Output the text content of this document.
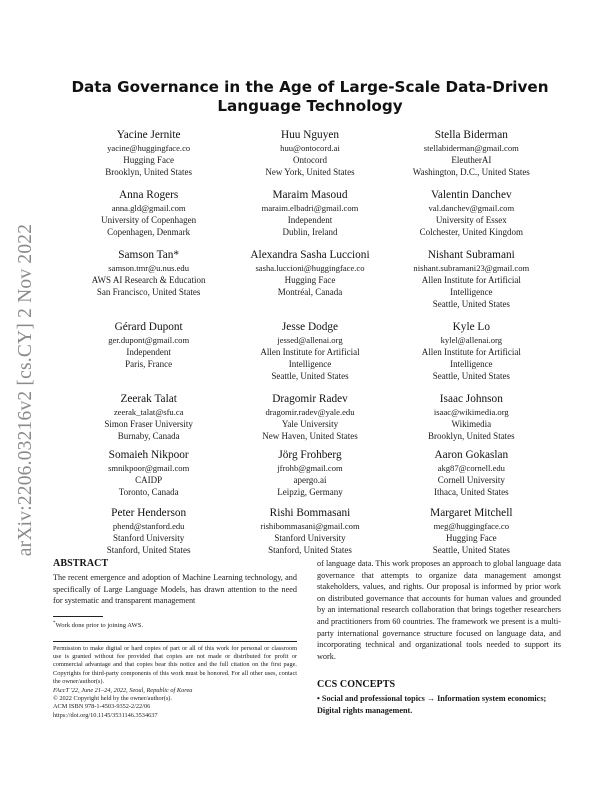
arXiv:2206.03216v2 [cs.CY] 2 Nov 2022
Data Governance in the Age of Large-Scale Data-Driven
Language Technology
Yacine Jernite
yacine@huggingface.co
Hugging Face
Brooklyn, United States
Huu Nguyen
huu@ontocord.ai
Ontocord
New York, United States
Stella Biderman
stellabiderman@gmail.com
EleutherAI
Washington, D.C., United States
Anna Rogers
anna.gld@gmail.com
University of Copenhagen
Copenhagen, Denmark
Maraim Masoud
maraim.elbadri@gmail.com
Independent
Dublin, Ireland
Valentin Danchev
val.danchev@gmail.com
University of Essex
Colchester, United Kingdom
Samson Tan*
samson.tmr@u.nus.edu
AWS AI Research & Education
San Francisco, United States
Alexandra Sasha Luccioni
sasha.luccioni@huggingface.co
Hugging Face
Montréal, Canada
Nishant Subramani
nishant.subramani23@gmail.com
Allen Institute for Artificial
Intelligence
Seattle, United States
Gérard Dupont
ger.dupont@gmail.com
Independent
Paris, France
Jesse Dodge
jessed@allenai.org
Allen Institute for Artificial
Intelligence
Seattle, United States
Kyle Lo
kylel@allenai.org
Allen Institute for Artificial
Intelligence
Seattle, United States
Zeerak Talat
zeerak_talat@sfu.ca
Simon Fraser University
Burnaby, Canada
Dragomir Radev
dragomir.radev@yale.edu
Yale University
New Haven, United States
Isaac Johnson
isaac@wikimedia.org
Wikimedia
Brooklyn, United States
Somaieh Nikpoor
smnikpoor@gmail.com
CAIDP
Toronto, Canada
Jörg Frohberg
jfrohb@gmail.com
apergo.ai
Leipzig, Germany
Aaron Gokaslan
akg87@cornell.edu
Cornell University
Ithaca, United States
Peter Henderson
phend@stanford.edu
Stanford University
Stanford, United States
Rishi Bommasani
rishibommasani@gmail.com
Stanford University
Stanford, United States
Margaret Mitchell
meg@huggingface.co
Hugging Face
Seattle, United States
ABSTRACT

The recent emergence and adoption of Machine Learning technology, and specifically of Large Language Models, has drawn attention to the need for systematic and transparent management

*Work done prior to joining AWS.

Permission to make digital or hard copies of part or all of this work for personal or classroom use is granted without fee provided that copies are not made or distributed for profit or commercial advantage and that copies bear this notice and the full citation on the first page. Copyrights for third-party components of this work must be honored. For all other uses, contact the owner/author(s).

FAccT '22, June 21–24, 2022, Seoul, Republic of Korea

© 2022 Copyright held by the owner/author(s).

ACM ISBN 978-1-4503-9352-2/22/06

https://doi.org/10.1145/3531146.3534637

of language data. This work proposes an approach to global language data governance that attempts to organize data management amongst stakeholders, values, and rights. Our proposal is informed by prior work on distributed governance that accounts for human values and grounded by an international research collaboration that brings together researchers and practitioners from 60 countries. The framework we present is a multi-party international governance structure focused on language data, and incorporating technical and organizational tools needed to support its work.

CCS CONCEPTS

• Social and professional topics → Information system economics; Digital rights management.
